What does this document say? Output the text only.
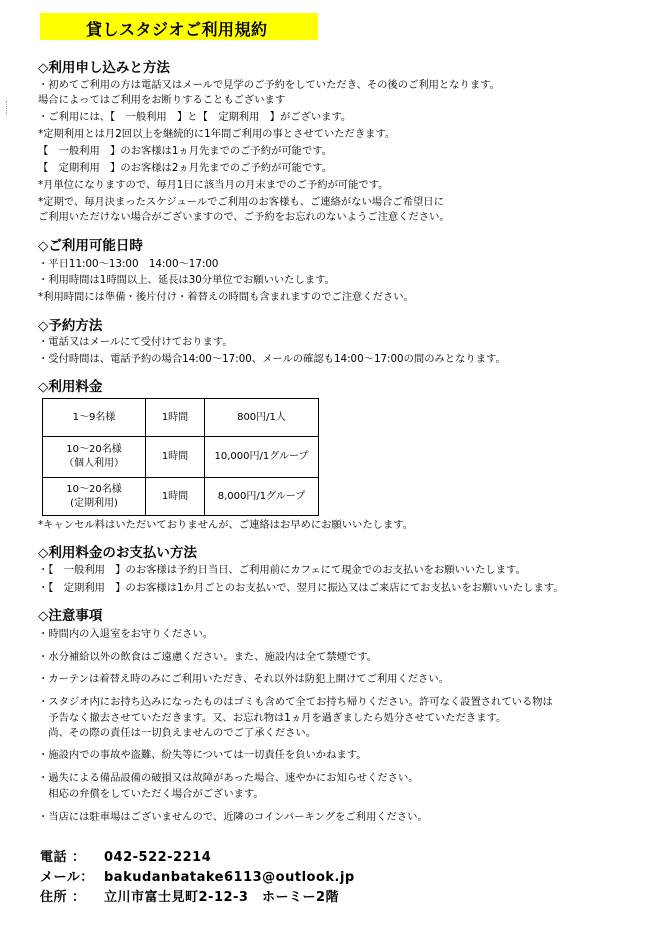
貸しスタジオご利用規約
◇利用申し込みと方法
・初めてご利用の方は電話又はメールで見学のご予約をしていただき、その後のご利用となります。
場合によってはご利用をお断りすることもございます
・ご利用には、【　一般利用　】と【　定期利用　】がございます。
*定期利用とは月2回以上を継続的に1年間ご利用の事とさせていただきます。
【　一般利用　】のお客様は1ヵ月先までのご予約が可能です。
【　定期利用　】のお客様は2ヵ月先までのご予約が可能です。
*月単位になりますので、毎月1日に該当月の月末までのご予約が可能です。
*定期で、毎月決まったスケジュールでご利用のお客様も、ご連絡がない場合ご希望日に
ご利用いただけない場合がございますので、ご予約をお忘れのないようご注意ください。
◇ご利用可能日時
・平日11:00～13:00　14:00～17:00
・利用時間は1時間以上、延長は30分単位でお願いいたします。
*利用時間には準備・後片付け・着替えの時間も含まれますのでご注意ください。
◇予約方法
・電話又はメールにて受付けております。
・受付時間は、電話予約の場合14:00～17:00、メールの確認も14:00～17:00の間のみとなります。
◇利用料金
1～9名様	1時間	800円/1人
10～20名様
（個人利用）	1時間	10,000円/1グループ
10～20名様
(定期利用)	1時間	8,000円/1グループ
*キャンセル料はいただいておりませんが、ご連絡はお早めにお願いいたします。
◇利用料金のお支払い方法
・【　一般利用　】のお客様は予約日当日、ご利用前にカフェにて現金でのお支払いをお願いいたします。
・【　定期利用　】のお客様は1か月ごとのお支払いで、翌月に振込又はご来店にてお支払いをお願いいたします。
◇注意事項
・時間内の入退室をお守りください。
・水分補給以外の飲食はご遠慮ください。また、施設内は全て禁煙です。
・カーテンは着替え時のみにご利用いただき、それ以外は防犯上開けてご利用ください。
・スタジオ内にお持ち込みになったものはゴミも含めて全てお持ち帰りください。許可なく設置されている物は
　予告なく撤去させていただきます。又、お忘れ物は1ヵ月を過ぎましたら処分させていただきます。
　尚、その際の責任は一切負えませんのでご了承ください。
・施設内での事故や盗難、紛失等については一切責任を負いかねます。
・過失による備品設備の破損又は故障があった場合、速やかにお知らせください。
　相応の弁償をしていただく場合がございます。
・当店には駐車場はございませんので、近隣のコインパーキングをご利用ください。
電話 ： 042-522-2214
メール： bakudanbatake6113@outlook.jp
住所 ： 立川市富士見町2-12-3　ホーミー2階
